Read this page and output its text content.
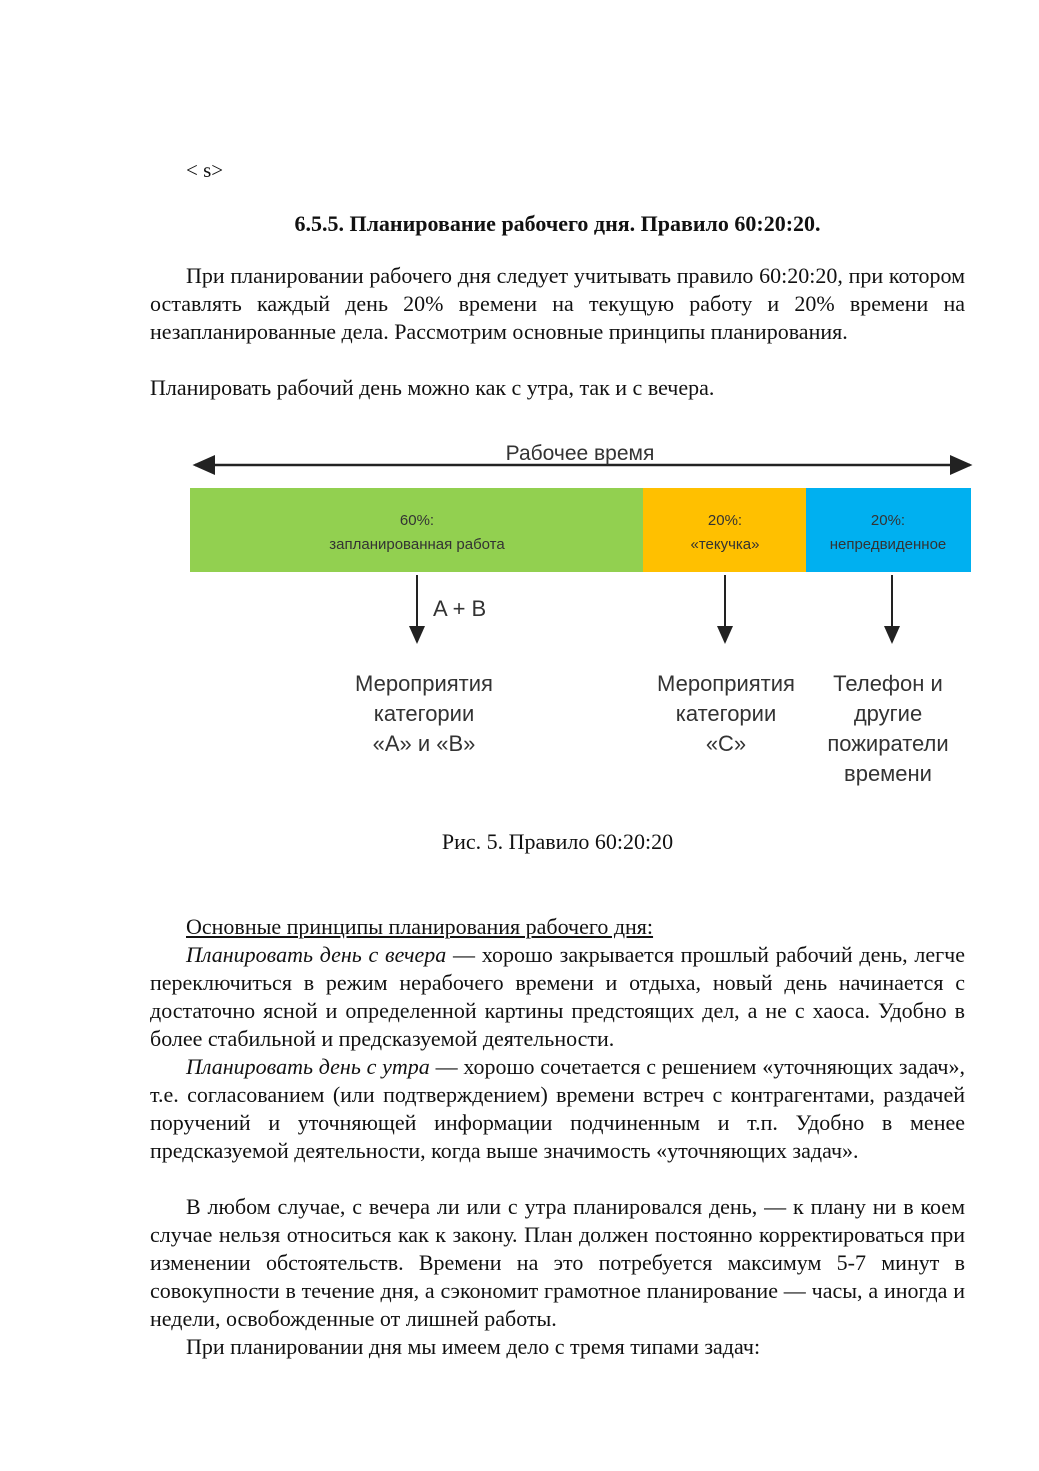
< s>
6.5.5. Планирование рабочего дня. Правило 60:20:20.
При планировании рабочего дня следует учитывать правило 60:20:20, при котором оставлять каждый день 20% времени на текущую работу и 20% времени на незапланированные дела. Рассмотрим основные принципы планирования.
Планировать рабочий день можно как с утра, так и с вечера.
Рабочее время
60%:
запланированная работа
20%:
«текучка»
20%:
непредвиденное
A + B
Мероприятия
категории
«А» и «В»
Мероприятия
категории
«С»
Телефон и
другие
пожиратели
времени
Рис. 5. Правило 60:20:20
Основные принципы планирования рабочего дня:
Планировать день с вечера — хорошо закрывается прошлый рабочий день, легче переключиться в режим нерабочего времени и отдыха, новый день начинается с достаточно ясной и определенной картины предстоящих дел, а не с хаоса. Удобно в более стабильной и предсказуемой деятельности.
Планировать день с утра — хорошо сочетается с решением «уточняющих задач», т.е. согласованием (или подтверждением) времени встреч с контрагентами, раздачей поручений и уточняющей информации подчиненным и т.п. Удобно в менее предсказуемой деятельности, когда выше значимость «уточняющих задач».
В любом случае, с вечера ли или с утра планировался день, — к плану ни в коем случае нельзя относиться как к закону. План должен постоянно корректироваться при изменении обстоятельств. Времени на это потребуется максимум 5-7 минут в совокупности в течение дня, а сэкономит грамотное планирование — часы, а иногда и недели, освобожденные от лишней работы.
При планировании дня мы имеем дело с тремя типами задач:
